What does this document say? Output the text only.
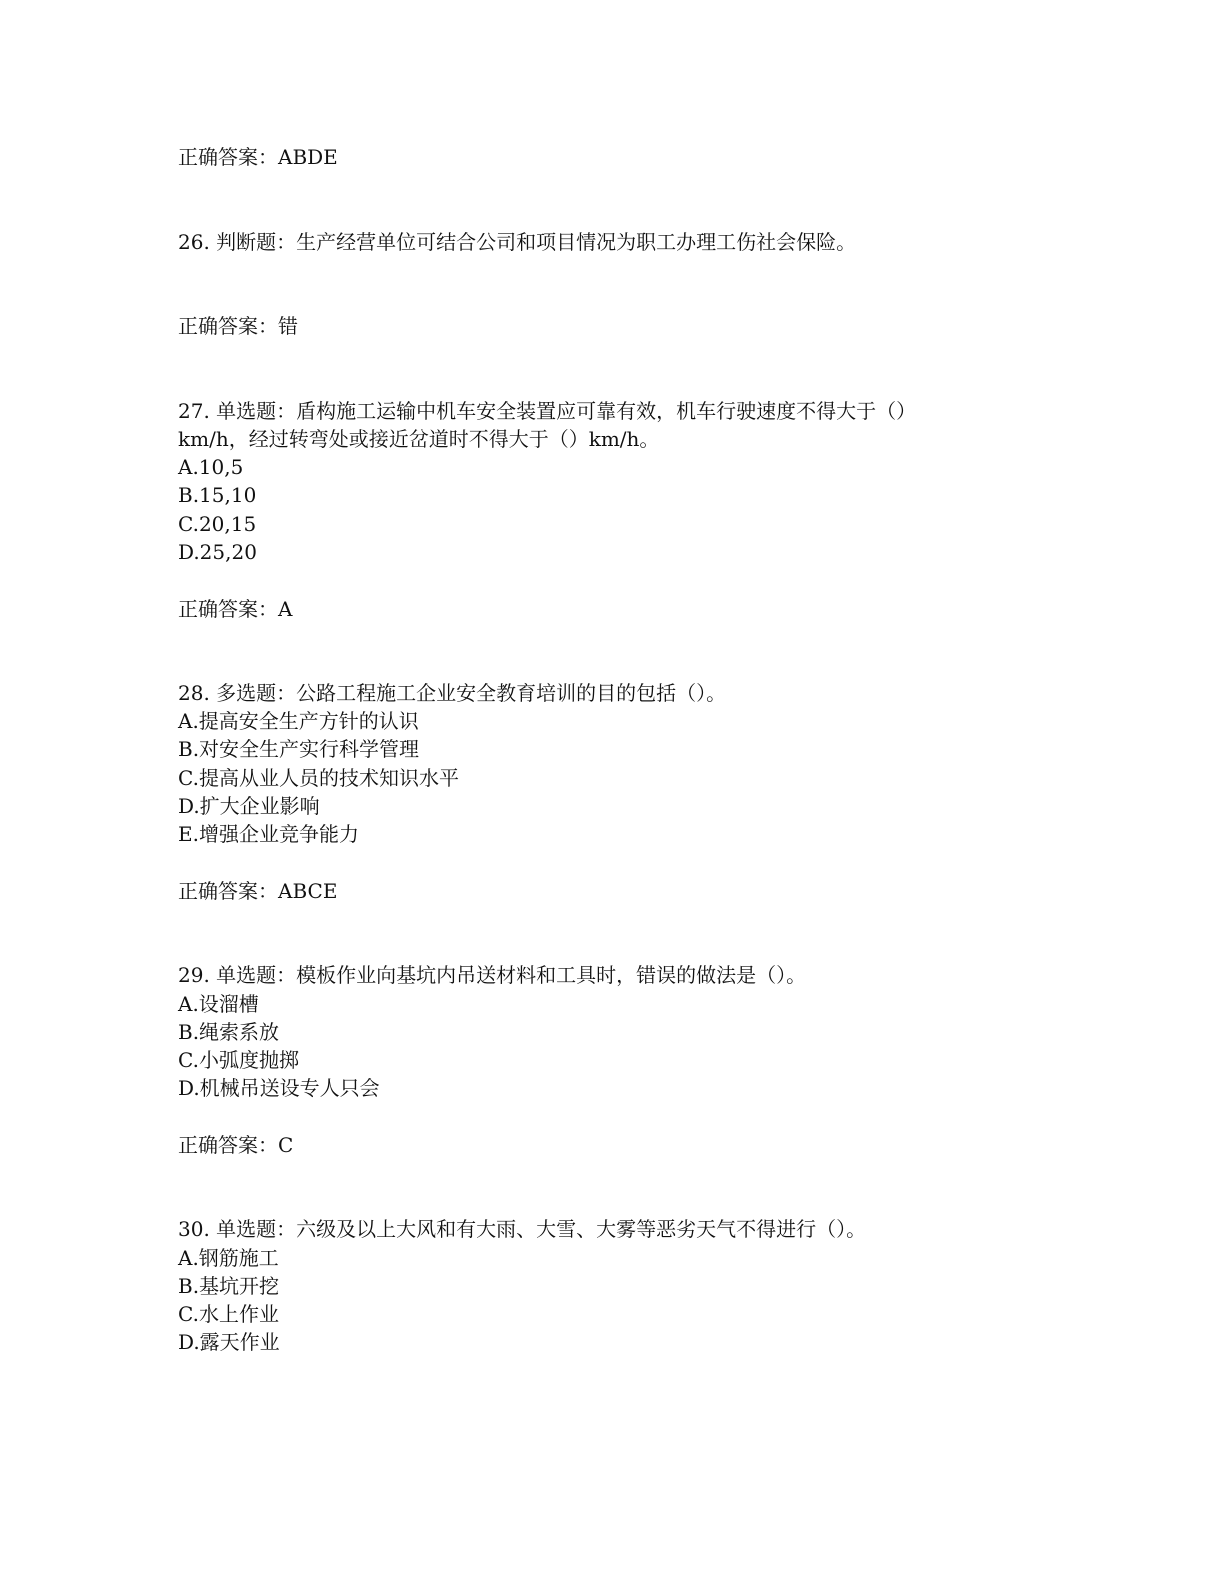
正确答案：ABDE
26. 判断题：生产经营单位可结合公司和项目情况为职工办理工伤社会保险。
正确答案：错
27. 单选题：盾构施工运输中机车安全装置应可靠有效，机车行驶速度不得大于（）
km/h，经过转弯处或接近岔道时不得大于（）km/h。
A.10,5
B.15,10
C.20,15
D.25,20
正确答案：A
28. 多选题：公路工程施工企业安全教育培训的目的包括（）。
A.提高安全生产方针的认识
B.对安全生产实行科学管理
C.提高从业人员的技术知识水平
D.扩大企业影响
E.增强企业竞争能力
正确答案：ABCE
29. 单选题：模板作业向基坑内吊送材料和工具时，错误的做法是（）。
A.设溜槽
B.绳索系放
C.小弧度抛掷
D.机械吊送设专人只会
正确答案：C
30. 单选题：六级及以上大风和有大雨、大雪、大雾等恶劣天气不得进行（）。
A.钢筋施工
B.基坑开挖
C.水上作业
D.露天作业
